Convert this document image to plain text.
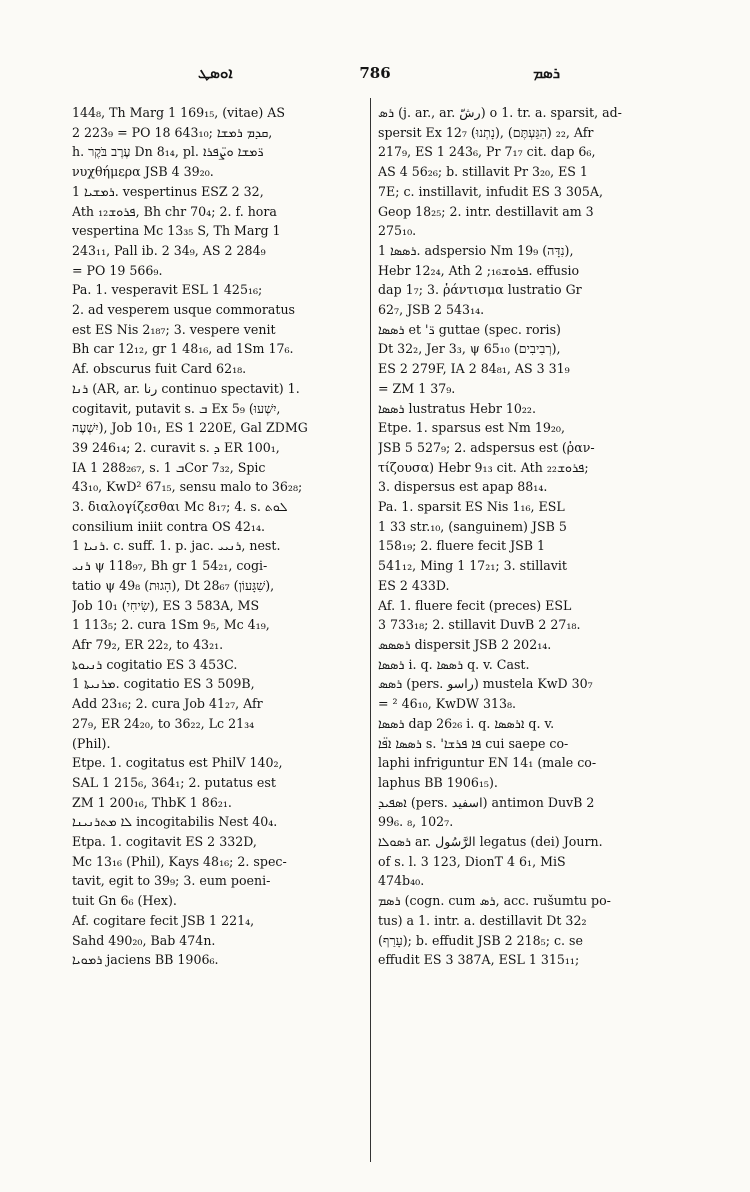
ܐܘܣܛ	786	ܪܣܡ
144₈, Th Marg 1 169₁₅, (vitae) AS
2 223₉ = PO 18 643₁₀; ܩܕܡ ܪܡܫܐ,
h. עֶרֶב בֹּקֶר Dn 8₁₄, pl. ܪ̈ܡܫܐ ܘܨ̈ܦܪܐ
νυχθήμερα JSB 4 39₂₀.
ܪܡܫܝܐ 1. vespertinus ESZ 2 32,
Ath ܦܪܘܫ₁₂, Bh chr 70₄; 2. f. hora
vespertina Mc 13₃₅ S, Th Marg 1
243₁₁, Pall ib. 2 34₉, AS 2 284₉
= PO 19 566₉.
Pa. 1. vesperavit ESL 1 425₁₆;
2. ad vesperem usque commoratus
est ES Nis 2₁₈₇; 3. vespere venit
Bh car 12₁₂, gr 1 48₁₆, ad 1Sm 17₆.
Af. obscurus fuit Card 62₁₈.
ܪܢܐ (AR, ar. رنا continuo spectavit) 1.
cogitavit, putavit s. ܒ Ex 5₉ (יִשְׁעוּ,
יִשְׁעֶה), Job 10₁, ES 1 220E, Gal ZDMG
39 246₁₄; 2. curavit s. ܕ ER 100₁,
IA 1 288₂₆₇, s. ܒ 1Cor 7₃₂, Spic
43₁₀, KwD² 67₁₅, sensu malo to 36₂₈;
3. διαλογίζεσθαι Mc 8₁₇; 4. s. ܠܘܬ
consilium iniit contra OS 42₁₄.
ܪܢܝܐ 1. c. suff. 1. p. jac. ܪܢܝܝ, nest.
ܪܢܝ ψ 118₉₇, Bh gr 1 54₂₁, cogi-
tatio ψ 49₈ (הָגוּת), Dt 28₆₇ (שִׁגָּעוֹן),
Job 10₁ (שִׂיחִי), ES 3 583A, MS
1 113₅; 2. cura 1Sm 9₅, Mc 4₁₉,
Afr 79₂, ER 22₂, to 43₂₁.
ܪܢܝܘܬܐ cogitatio ES 3 453C.
ܡܪܢܝܬܐ 1. cogitatio ES 3 509B,
Add 23₁₆; 2. cura Job 41₂₇, Afr
27₉, ER 24₂₀, to 36₂₂, Lc 21₃₄
(Phil).
Etpe. 1. cogitatus est PhilV 140₂,
SAL 1 215₆, 364₁; 2. putatus est
ZM 1 200₁₆, ThbK 1 86₂₁.
ܠܐ ܡܬܪܢܝܢܐ incogitabilis Nest 40₄.
Etpa. 1. cogitavit ES 2 332D,
Mc 13₁₆ (Phil), Kays 48₁₆; 2. spec-
tavit, egit to 39₉; 3. eum poeni-
tuit Gn 6₆ (Hex).
Af. cogitare fecit JSB 1 221₄,
Sahd 490₂₀, Bab 474n.
ܪܡܘܝܐ jaciens BB 1906₆.
ܪܣ (j. ar., ar. رشّ) o 1. tr. a. sparsit, ad-
spersit Ex 12₇ (נָתְנוּ), ₂₂ (הִגַּעְתֶּם), Afr
217₉, ES 1 243₆, Pr 7₁₇ cit. dap 6₆,
AS 4 56₂₆; b. stillavit Pr 3₂₀, ES 1
7E; c. instillavit, infudit ES 3 305A,
Geop 18₂₅; 2. intr. destillavit am 3
275₁₀.
ܪܣܣܐ 1. adspersio Nm 19₉ (נִדָּה),
Hebr 12₂₄, Ath ܦܪܘܫ₁₆; 2. effusio
dap 1₇; 3. ῥάντισμα lustratio Gr
62₇, JSB 2 543₁₄.
ܪܣܣܐ et 'ܪ̈ guttae (spec. roris)
Dt 32₂, Jer 3₃, ψ 65₁₀ (רְבִיבִים),
ES 2 279F, IA 2 84₈₁, AS 3 31₉
= ZM 1 37₉.
ܪܣܣܐ lustratus Hebr 10₂₂.
Etpe. 1. sparsus est Nm 19₂₀,
JSB 5 527₉; 2. adspersus est (ῥαν-
τίζουσα) Hebr 9₁₃ cit. Ath ܦܪܘܫ₂₂;
3. dispersus est apap 88₁₄.
Pa. 1. sparsit ES Nis 1₁₆, ESL
1 33 str.₁₀, (sanguinem) JSB 5
158₁₉; 2. fluere fecit JSB 1
541₁₂, Ming 1 17₂₁; 3. stillavit
ES 2 433D.
Af. 1. fluere fecit (preces) ESL
3 733₁₈; 2. stillavit DuvB 2 27₁₈.
ܪܣܣܣ dispersit JSB 2 202₁₄.
ܪܣܣܐ i. q. ܪܣܣܐ q. v. Cast.
ܪܣܣ (pers. راسو) mustela KwD 30₇
= ² 46₁₀, KwDW 313₈.
ܪܣܣܐ dap 26₂₆ i. q. ܐܪܣܣܐ q. v.
ܪܣܣܐ ܐܦ̈ܐ s. 'ܦܐ ܦܪܫܐ cui saepe co-
laphi infriguntur EN 14₁ (male co-
laphus BB 1906₁₅).
ܐܣܦܝܕ (pers. اسفيد) antimon DuvB 2
99₆. ₈, 102₇.
ܪܣܘܠܐ ar. الرَّسُول legatus (dei) Journ.
of s. l. 3 123, DionT 4 6₁, MiS
474b₄₀.
ܪܣܡ (cogn. cum ܪܣ, acc. rušumtu po-
tus) a 1. intr. a. destillavit Dt 32₂
(עָרַף); b. effudit JSB 2 218₅; c. se
effudit ES 3 387A, ESL 1 315₁₁;
